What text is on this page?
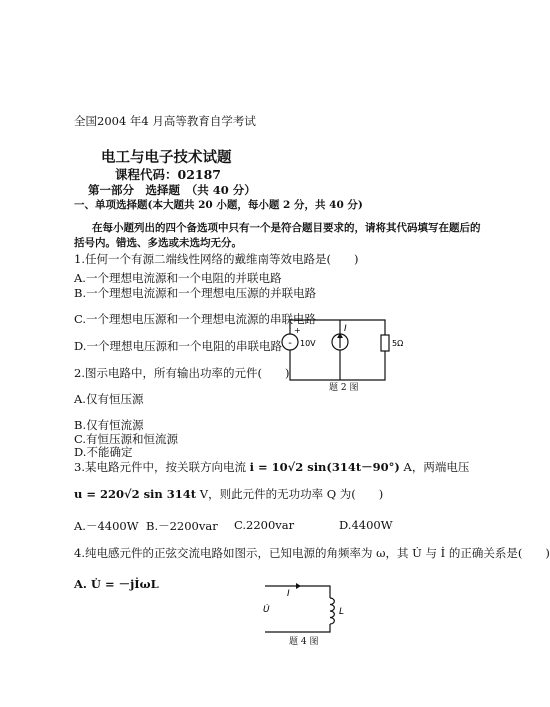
全国2004 年4 月高等教育自学考试
电工与电子技术试题
课程代码：02187
第一部分　选择题　（共 40 分）
一、单项选择题(本大题共 20 小题，每小题 2 分，共 40 分)
在每小题列出的四个备选项中只有一个是符合题目要求的，请将其代码填写在题后的
括号内。错选、多选或未选均无分。
1.任何一个有源二端线性网络的戴维南等效电路是(　　)
A.一个理想电流源和一个电阻的并联电路
B.一个理想电流源和一个理想电压源的并联电路
C.一个理想电压源和一个理想电流源的串联电路
D.一个理想电压源和一个电阻的串联电路
2.图示电路中，所有输出功率的元件(　　)
A.仅有恒压源
B.仅有恒流源
C.有恒压源和恒流源
D.不能确定
-
+
10V
I
5Ω
题 2 图
3.某电路元件中，按关联方向电流 i = 10√2 sin(314t－90°) A，两端电压
u = 220√2 sin 314t V，则此元件的无功功率 Q 为(　　)
A.－4400W B.－2200var C.2200var	D.4400W
4.纯电感元件的正弦交流电路如图示，已知电源的角频率为 ω，其 U̇ 与 İ 的正确关系是(　　)
A. U̇ = －jİωL
I
U̇	L
题 4 图
